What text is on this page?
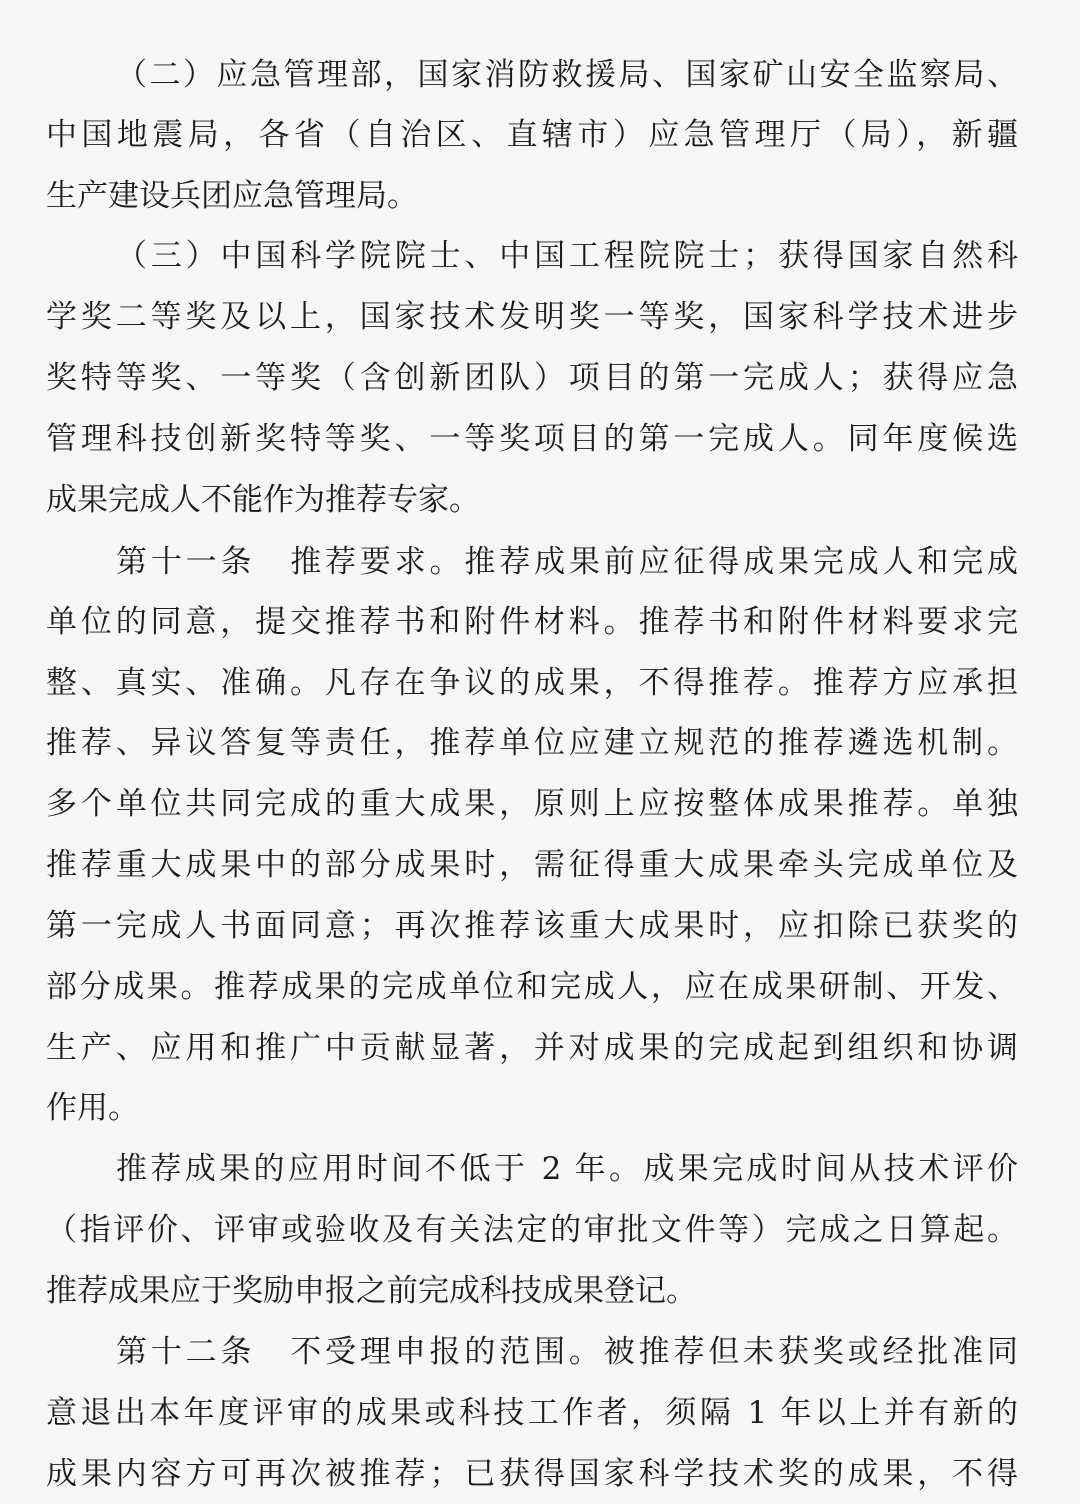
（二）应急管理部，国家消防救援局、国家矿山安全监察局、
中国地震局，各省（自治区、直辖市）应急管理厅（局），新疆
生产建设兵团应急管理局。
（三）中国科学院院士、中国工程院院士；获得国家自然科
学奖二等奖及以上，国家技术发明奖一等奖，国家科学技术进步
奖特等奖、一等奖（含创新团队）项目的第一完成人；获得应急
管理科技创新奖特等奖、一等奖项目的第一完成人。同年度候选
成果完成人不能作为推荐专家。
第十一条　推荐要求。推荐成果前应征得成果完成人和完成
单位的同意，提交推荐书和附件材料。推荐书和附件材料要求完
整、真实、准确。凡存在争议的成果，不得推荐。推荐方应承担
推荐、异议答复等责任，推荐单位应建立规范的推荐遴选机制。
多个单位共同完成的重大成果，原则上应按整体成果推荐。单独
推荐重大成果中的部分成果时，需征得重大成果牵头完成单位及
第一完成人书面同意；再次推荐该重大成果时，应扣除已获奖的
部分成果。推荐成果的完成单位和完成人，应在成果研制、开发、
生产、应用和推广中贡献显著，并对成果的完成起到组织和协调
作用。
推荐成果的应用时间不低于 2 年。成果完成时间从技术评价
（指评价、评审或验收及有关法定的审批文件等）完成之日算起。
推荐成果应于奖励申报之前完成科技成果登记。
第十二条　不受理申报的范围。被推荐但未获奖或经批准同
意退出本年度评审的成果或科技工作者，须隔 1 年以上并有新的
成果内容方可再次被推荐；已获得国家科学技术奖的成果，不得
